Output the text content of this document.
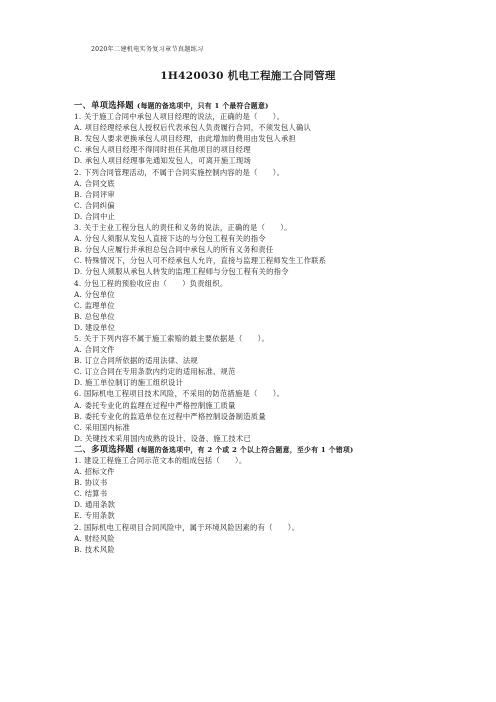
2020年二建机电实务复习章节真题练习
1H420030 机电工程施工合同管理
一、单项选择题 (每题的备选项中，只有 1 个最符合题意)
1. 关于施工合同中承包人项目经理的说法，正确的是（　　）。
A. 项目经理经承包人授权后代表承包人负责履行合同，不须发包人确认
B. 发包人要求更换承包人项目经理，由此增加的费用由发包人承担
C. 承包人项目经理不得同时担任其他项目的项目经理
D. 承包人项目经理事先通知发包人，可离开施工现场
2. 下列合同管理活动，不属于合同实施控制内容的是（　　）。
A. 合同交底
B. 合同评审
C. 合同纠偏
D. 合同中止
3. 关于主业工程分包人的责任和义务的说法，正确的是（　　）。
A. 分包人须服从发包人直接下达的与分包工程有关的指令
B. 分包人应履行并承担总包合同中承包人的所有义务和责任
C. 特殊情况下，分包人可不经承包人允许，直接与监理工程师发生工作联系
D. 分包人须服从承包人转发的监理工程师与分包工程有关的指令
4. 分包工程的预验收应由（　　）负责组织。
A. 分包单位
C. 监理单位
B. 总包单位
D. 建设单位
5. 关于下列内容不属于施工索赔的最主要依据是（　　）。
A. 合同文件
B. 订立合同所依据的适用法律、法规
C. 订立合同在专用条款内约定的适用标准、规范
D. 施工单位制订的施工组织设计
6. 国际机电工程项目技术风险，不采用的防范措施是（　　）。
A. 委托专业化的监理在过程中严格控制施工质量
B. 委托专业化的监造单位在过程中严格控制设备制造质量
C. 采用国内标准
D. 关键技术采用国内成熟的设计、设备、施工技术已
二、多项选择题 (每题的备选项中，有 2 个或 2 个以上符合题意，至少有 1 个错项)
1. 建设工程施工合同示范文本的组成包括（　　）。
A. 招标文件
B. 协议书
C. 结算书
D. 通用条款
E. 专用条款
2. 国际机电工程项目合同风险中，属于环境风险因素的有（　　）。
A. 财经风险
B. 技术风险
